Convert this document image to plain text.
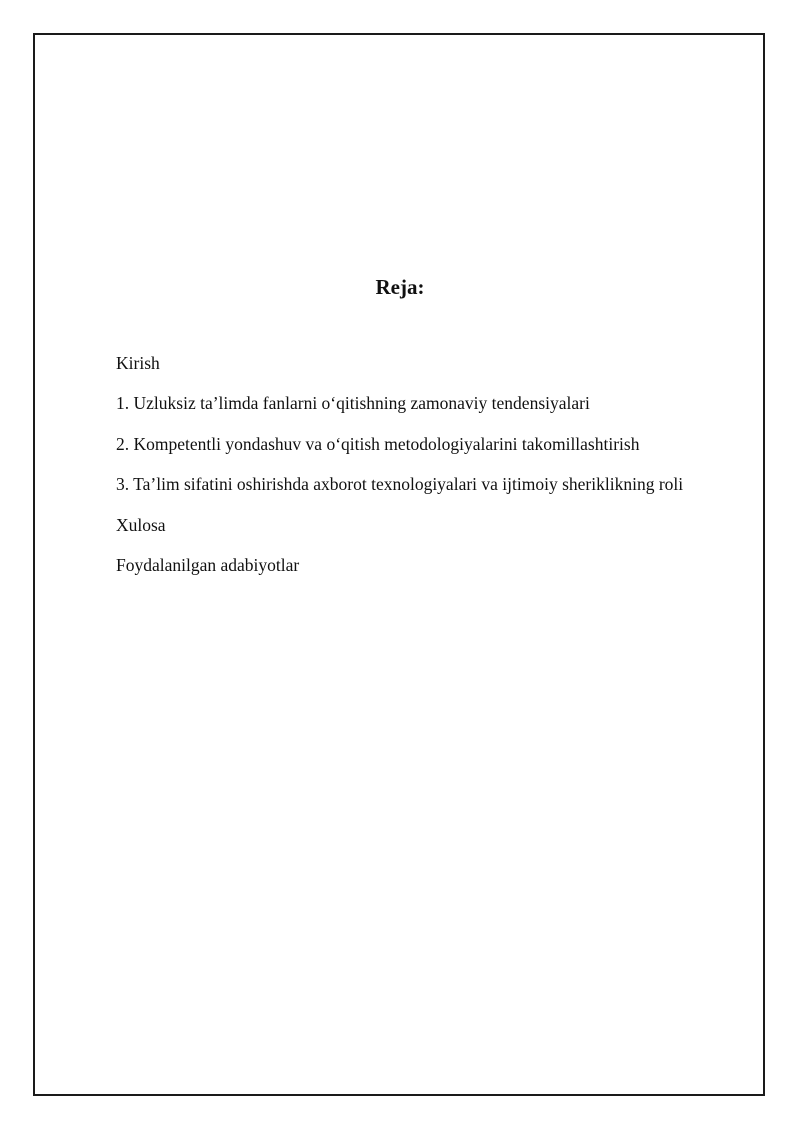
Reja:
Kirish
1. Uzluksiz ta’limda fanlarni o‘qitishning zamonaviy tendensiyalari
2. Kompetentli yondashuv va o‘qitish metodologiyalarini takomillashtirish
3. Ta’lim sifatini oshirishda axborot texnologiyalari va ijtimoiy sheriklikning roli
Xulosa
Foydalanilgan adabiyotlar
